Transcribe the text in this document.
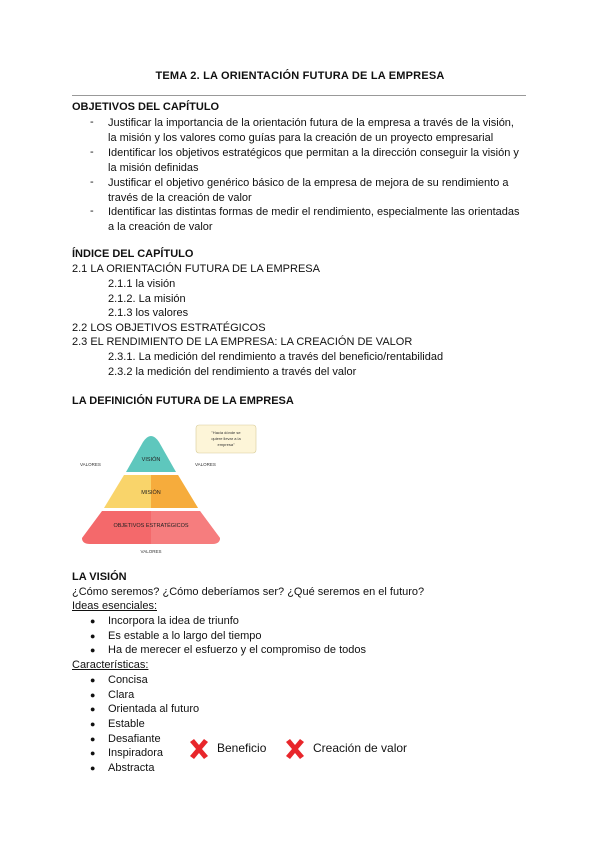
TEMA 2. LA ORIENTACIÓN FUTURA DE LA EMPRESA
OBJETIVOS DEL CAPÍTULO
- Justificar la importancia de la orientación futura de la empresa a través de la visión,
la misión y los valores como guías para la creación de un proyecto empresarial
- Identificar los objetivos estratégicos que permitan a la dirección conseguir la visión y
la misión definidas
- Justificar el objetivo genérico básico de la empresa de mejora de su rendimiento a
través de la creación de valor
- Identificar las distintas formas de medir el rendimiento, especialmente las orientadas
a la creación de valor
ÍNDICE DEL CAPÍTULO
2.1 LA ORIENTACIÓN FUTURA DE LA EMPRESA
2.1.1 la visión
2.1.2. La misión
2.1.3 los valores
2.2 LOS OBJETIVOS ESTRATÉGICOS
2.3 EL RENDIMIENTO DE LA EMPRESA: LA CREACIÓN DE VALOR
2.3.1. La medición del rendimiento a través del beneficio/rentabilidad
2.3.2 la medición del rendimiento a través del valor
LA DEFINICIÓN FUTURA DE LA EMPRESA
VISIÓN
MISIÓN
OBJETIVOS ESTRATÉGICOS
VALORES	VALORES
VALORES
"Hacia dónde se
quiere llevar a la
empresa"
LA VISIÓN
¿Cómo seremos? ¿Cómo deberíamos ser? ¿Qué seremos en el futuro?
Ideas esenciales:
● Incorpora la idea de triunfo
● Es estable a lo largo del tiempo
● Ha de merecer el esfuerzo y el compromiso de todos
Características:
● Concisa
● Clara
● Orientada al futuro
● Estable
● Desafiante
● Inspiradora
● Abstracta
Beneficio	Creación de valor
